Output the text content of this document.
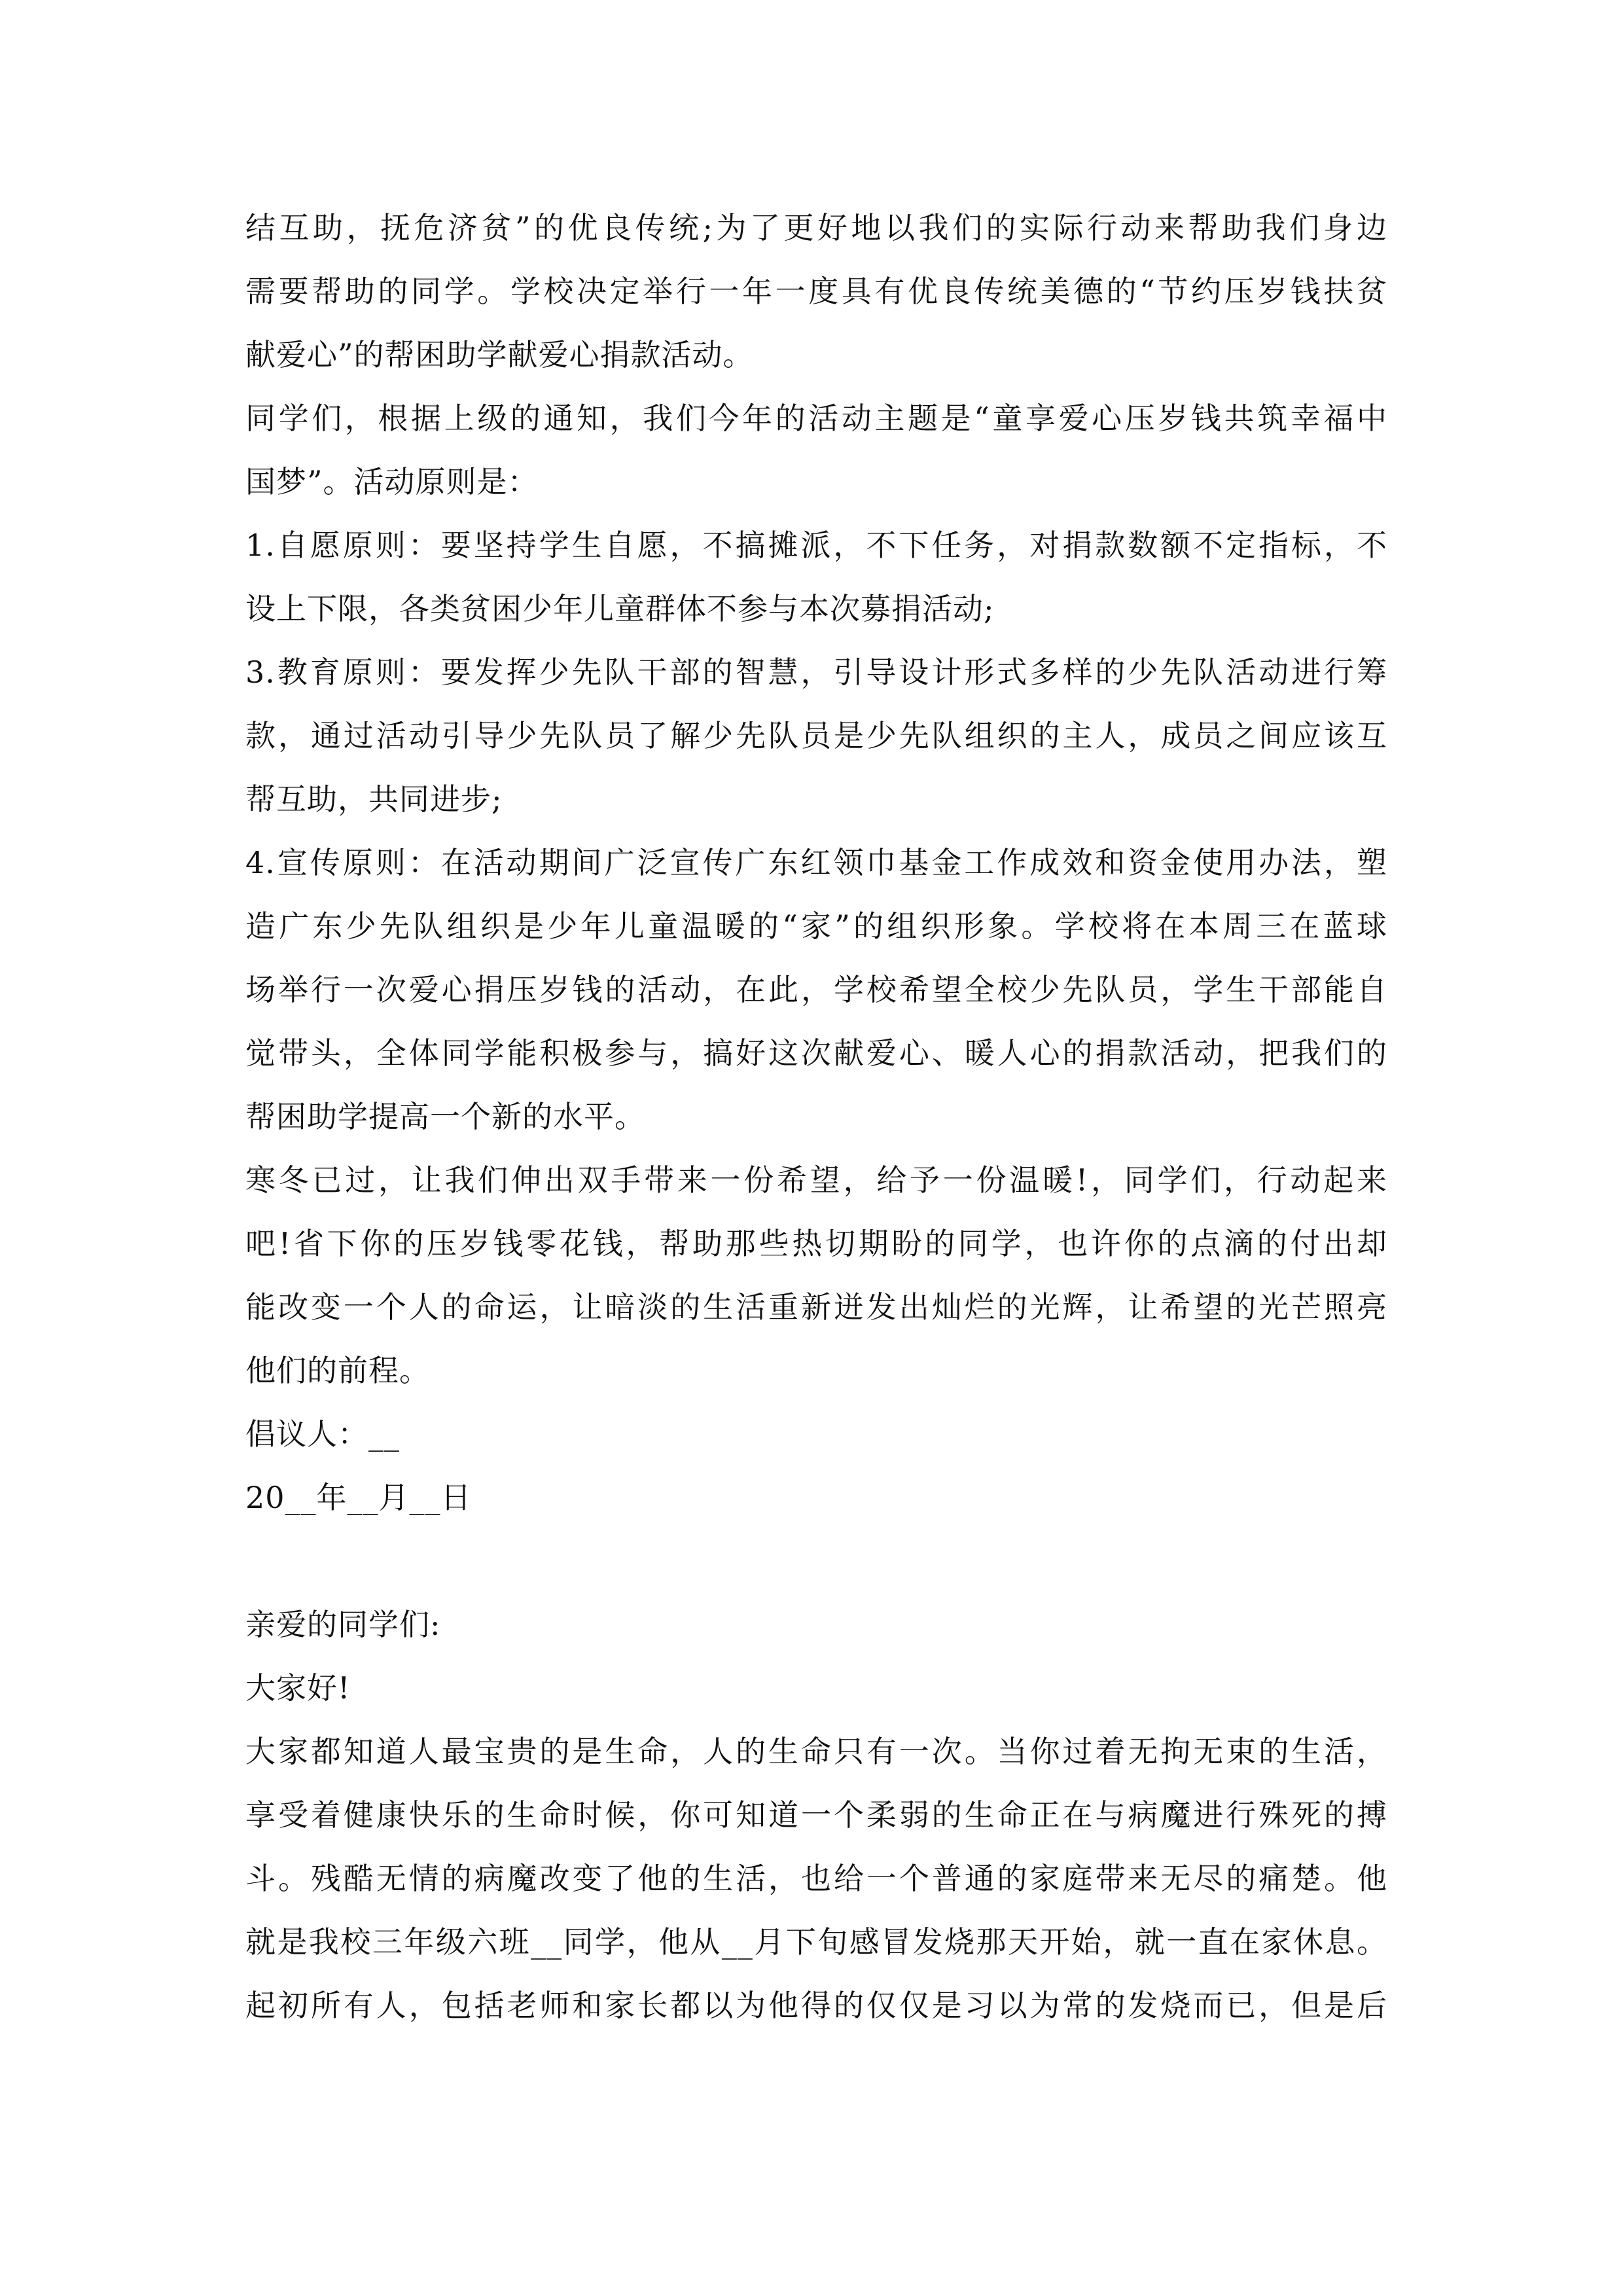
结互助，抚危济贫”的优良传统;为了更好地以我们的实际行动来帮助我们身边
需要帮助的同学。学校决定举行一年一度具有优良传统美德的“节约压岁钱扶贫
献爱心”的帮困助学献爱心捐款活动。
同学们，根据上级的通知，我们今年的活动主题是“童享爱心压岁钱共筑幸福中
国梦”。活动原则是：
1.自愿原则：要坚持学生自愿，不搞摊派，不下任务，对捐款数额不定指标，不
设上下限，各类贫困少年儿童群体不参与本次募捐活动;
3.教育原则：要发挥少先队干部的智慧，引导设计形式多样的少先队活动进行筹
款，通过活动引导少先队员了解少先队员是少先队组织的主人，成员之间应该互
帮互助，共同进步;
4.宣传原则：在活动期间广泛宣传广东红领巾基金工作成效和资金使用办法，塑
造广东少先队组织是少年儿童温暖的“家”的组织形象。学校将在本周三在蓝球
场举行一次爱心捐压岁钱的活动，在此，学校希望全校少先队员，学生干部能自
觉带头，全体同学能积极参与，搞好这次献爱心、暖人心的捐款活动，把我们的
帮困助学提高一个新的水平。
寒冬已过，让我们伸出双手带来一份希望，给予一份温暖!，同学们，行动起来
吧!省下你的压岁钱零花钱，帮助那些热切期盼的同学，也许你的点滴的付出却
能改变一个人的命运，让暗淡的生活重新迸发出灿烂的光辉，让希望的光芒照亮
他们的前程。
倡议人：__
20__年__月__日
亲爱的同学们:
大家好!
大家都知道人最宝贵的是生命，人的生命只有一次。当你过着无拘无束的生活，
享受着健康快乐的生命时候，你可知道一个柔弱的生命正在与病魔进行殊死的搏
斗。残酷无情的病魔改变了他的生活，也给一个普通的家庭带来无尽的痛楚。他
就是我校三年级六班__同学，他从__月下旬感冒发烧那天开始，就一直在家休息。
起初所有人，包括老师和家长都以为他得的仅仅是习以为常的发烧而已，但是后
